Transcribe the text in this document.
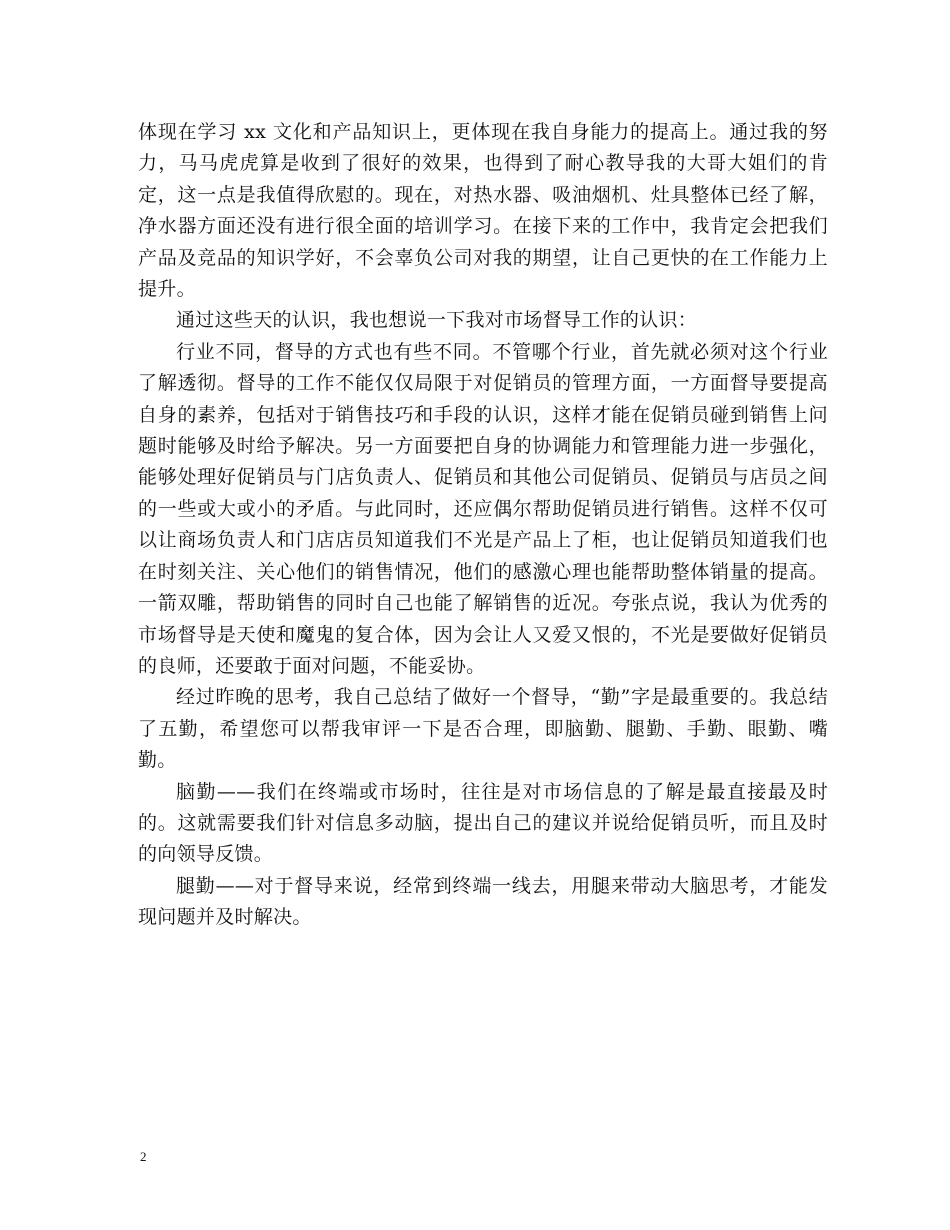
体现在学习 xx 文化和产品知识上，更体现在我自身能力的提高上。通过我的努力，马马虎虎算是收到了很好的效果，也得到了耐心教导我的大哥大姐们的肯定，这一点是我值得欣慰的。现在，对热水器、吸油烟机、灶具整体已经了解，净水器方面还没有进行很全面的培训学习。在接下来的工作中，我肯定会把我们产品及竞品的知识学好，不会辜负公司对我的期望，让自己更快的在工作能力上提升。

通过这些天的认识，我也想说一下我对市场督导工作的认识：

行业不同，督导的方式也有些不同。不管哪个行业，首先就必须对这个行业了解透彻。督导的工作不能仅仅局限于对促销员的管理方面，一方面督导要提高自身的素养，包括对于销售技巧和手段的认识，这样才能在促销员碰到销售上问题时能够及时给予解决。另一方面要把自身的协调能力和管理能力进一步强化，能够处理好促销员与门店负责人、促销员和其他公司促销员、促销员与店员之间的一些或大或小的矛盾。与此同时，还应偶尔帮助促销员进行销售。这样不仅可以让商场负责人和门店店员知道我们不光是产品上了柜，也让促销员知道我们也在时刻关注、关心他们的销售情况，他们的感激心理也能帮助整体销量的提高。一箭双雕，帮助销售的同时自己也能了解销售的近况。夸张点说，我认为优秀的市场督导是天使和魔鬼的复合体，因为会让人又爱又恨的，不光是要做好促销员的良师，还要敢于面对问题，不能妥协。

经过昨晚的思考，我自己总结了做好一个督导，“勤”字是最重要的。我总结了五勤，希望您可以帮我审评一下是否合理，即脑勤、腿勤、手勤、眼勤、嘴勤。

脑勤——我们在终端或市场时，往往是对市场信息的了解是最直接最及时的。这就需要我们针对信息多动脑，提出自己的建议并说给促销员听，而且及时的向领导反馈。

腿勤——对于督导来说，经常到终端一线去，用腿来带动大脑思考，才能发现问题并及时解决。

2
